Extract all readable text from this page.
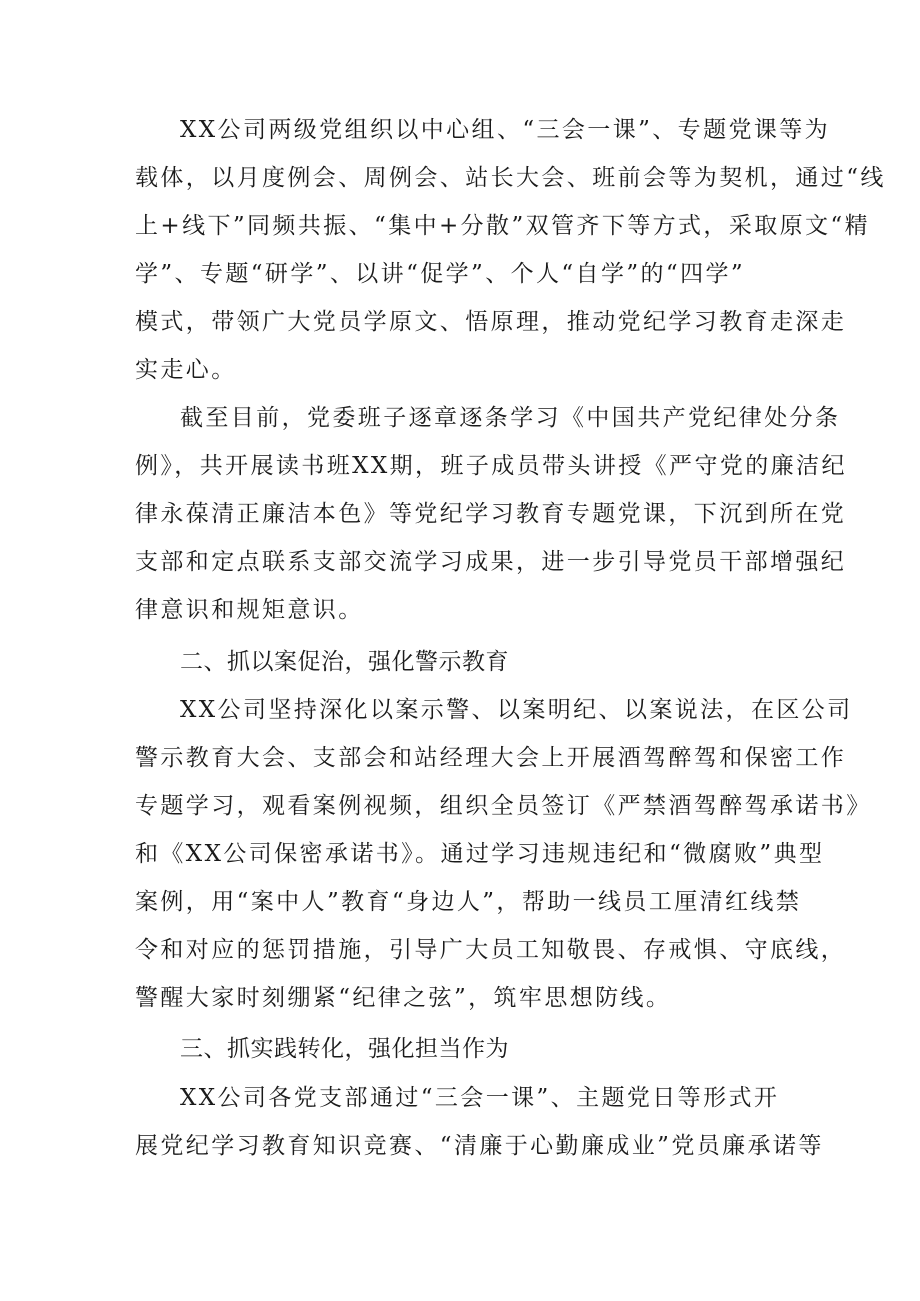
XX公司两级党组织以中心组、“三会一课”、专题党课等为
载体，以月度例会、周例会、站长大会、班前会等为契机，通过“线
上+线下”同频共振、“集中+分散”双管齐下等方式，采取原文“精
学”、专题“研学”、以讲“促学”、个人“自学”的“四学”
模式，带领广大党员学原文、悟原理，推动党纪学习教育走深走
实走心。
截至目前，党委班子逐章逐条学习《中国共产党纪律处分条
例》，共开展读书班XX期，班子成员带头讲授《严守党的廉洁纪
律永葆清正廉洁本色》等党纪学习教育专题党课，下沉到所在党
支部和定点联系支部交流学习成果，进一步引导党员干部增强纪
律意识和规矩意识。
二、抓以案促治，强化警示教育
XX公司坚持深化以案示警、以案明纪、以案说法，在区公司
警示教育大会、支部会和站经理大会上开展酒驾醉驾和保密工作
专题学习，观看案例视频，组织全员签订《严禁酒驾醉驾承诺书》
和《XX公司保密承诺书》。通过学习违规违纪和“微腐败”典型
案例，用“案中人”教育“身边人”，帮助一线员工厘清红线禁
令和对应的惩罚措施，引导广大员工知敬畏、存戒惧、守底线，
警醒大家时刻绷紧“纪律之弦”，筑牢思想防线。
三、抓实践转化，强化担当作为
XX公司各党支部通过“三会一课”、主题党日等形式开
展党纪学习教育知识竞赛、“清廉于心勤廉成业”党员廉承诺等
